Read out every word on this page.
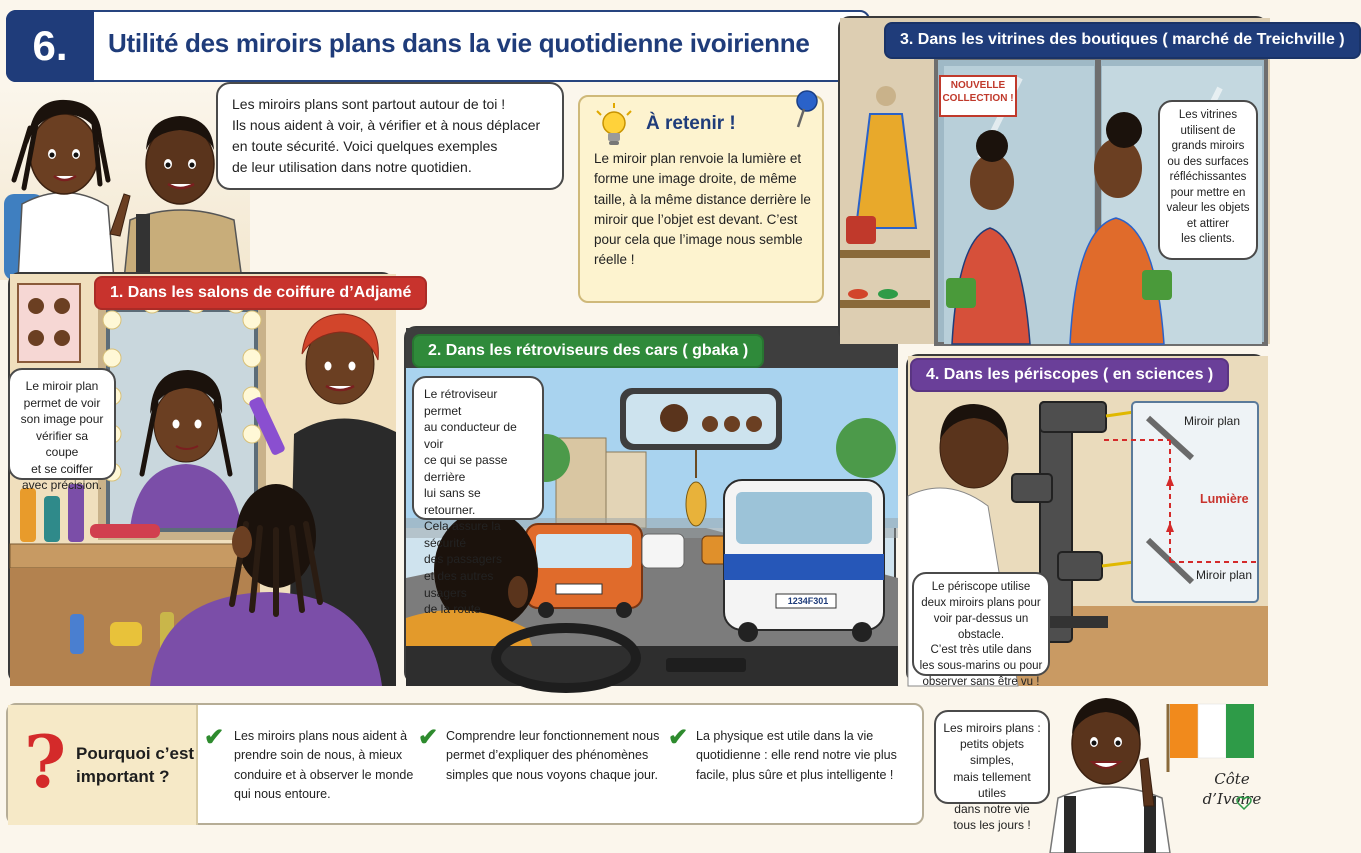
6.	Utilité des miroirs plans dans la vie quotidienne ivoirienne
Les miroirs plans sont partout autour de toi !
Ils nous aident à voir, à vérifier et à nous déplacer
en toute sécurité. Voici quelques exemples
de leur utilisation dans notre quotidien.
À retenir !
Le miroir plan renvoie la lumière et forme une image droite, de même taille, à la même distance derrière le miroir que l’objet est devant. C’est pour cela que l’image nous semble réelle !
1. Dans les salons de coiffure d’Adjamé
Le miroir plan
permet de voir
son image pour
vérifier sa coupe
et se coiffer
avec précision.
2. Dans les rétroviseurs des cars ( gbaka )
1234F301
Le rétroviseur permet
au conducteur de voir
ce qui se passe derrière
lui sans se retourner.
Cela assure la sécurité
des passagers
et des autres usagers
de la route.
3. Dans les vitrines des boutiques ( marché de Treichville )
NOUVELLE COLLECTION !
Les vitrines
utilisent de
grands miroirs
ou des surfaces
réfléchissantes
pour mettre en
valeur les objets
et attirer
les clients.
4. Dans les périscopes ( en sciences )
Miroir plan
Lumière
Miroir plan
Le périscope utilise
deux miroirs plans pour
voir par-dessus un obstacle.
C’est très utile dans
les sous-marins ou pour
observer sans être vu !
? Pourquoi c’est important ?
✔ Les miroirs plans nous aident à prendre soin de nous, à mieux conduire et à observer le monde qui nous entoure.
✔ Comprendre leur fonctionnement nous permet d’expliquer des phénomènes simples que nous voyons chaque jour.
✔ La physique est utile dans la vie quotidienne : elle rend notre vie plus facile, plus sûre et plus intelligente !
Les miroirs plans :
petits objets simples,
mais tellement utiles
dans notre vie
tous les jours !
Côte d’Ivoire
